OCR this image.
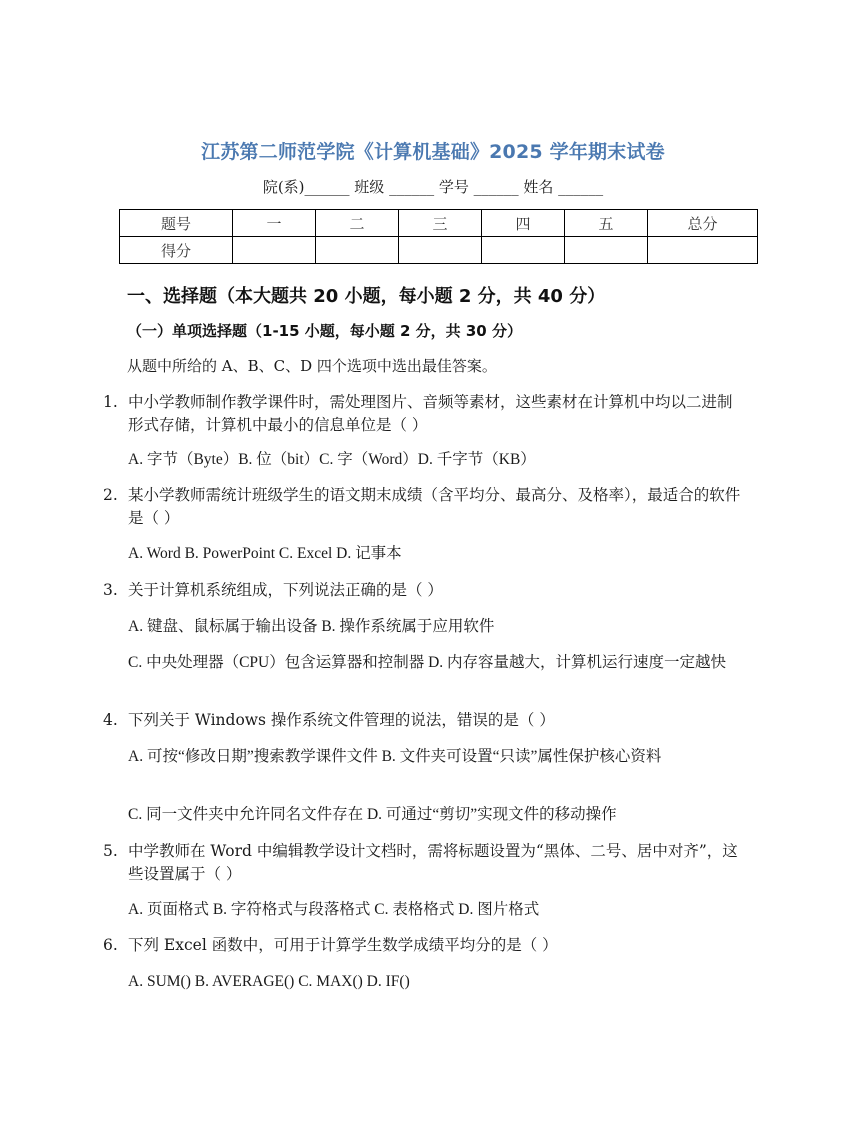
江苏第二师范学院《计算机基础》2025 学年期末试卷
院(系)______ 班级 ______ 学号 ______ 姓名 ______
题号	一	二	三	四	五	总分
得分						
一、选择题（本大题共 20 小题，每小题 2 分，共 40 分）
（一）单项选择题（1-15 小题，每小题 2 分，共 30 分）
从题中所给的 A、B、C、D 四个选项中选出最佳答案。
1. 中小学教师制作教学课件时，需处理图片、音频等素材，这些素材在计算机中均以二进制形式存储，计算机中最小的信息单位是（ ）
A. 字节（Byte）B. 位（bit）C. 字（Word）D. 千字节（KB）
2. 某小学教师需统计班级学生的语文期末成绩（含平均分、最高分、及格率），最适合的软件是（ ）
A. Word B. PowerPoint C. Excel D. 记事本
3. 关于计算机系统组成，下列说法正确的是（ ）
A. 键盘、鼠标属于输出设备 B. 操作系统属于应用软件
C. 中央处理器（CPU）包含运算器和控制器 D. 内存容量越大，计算机运行速度一定越快
4. 下列关于 Windows 操作系统文件管理的说法，错误的是（ ）
A. 可按“修改日期”搜索教学课件文件 B. 文件夹可设置“只读”属性保护核心资料
C. 同一文件夹中允许同名文件存在 D. 可通过“剪切”实现文件的移动操作
5. 中学教师在 Word 中编辑教学设计文档时，需将标题设置为“黑体、二号、居中对齐”，这些设置属于（ ）
A. 页面格式 B. 字符格式与段落格式 C. 表格格式 D. 图片格式
6. 下列 Excel 函数中，可用于计算学生数学成绩平均分的是（ ）
A. SUM() B. AVERAGE() C. MAX() D. IF()
